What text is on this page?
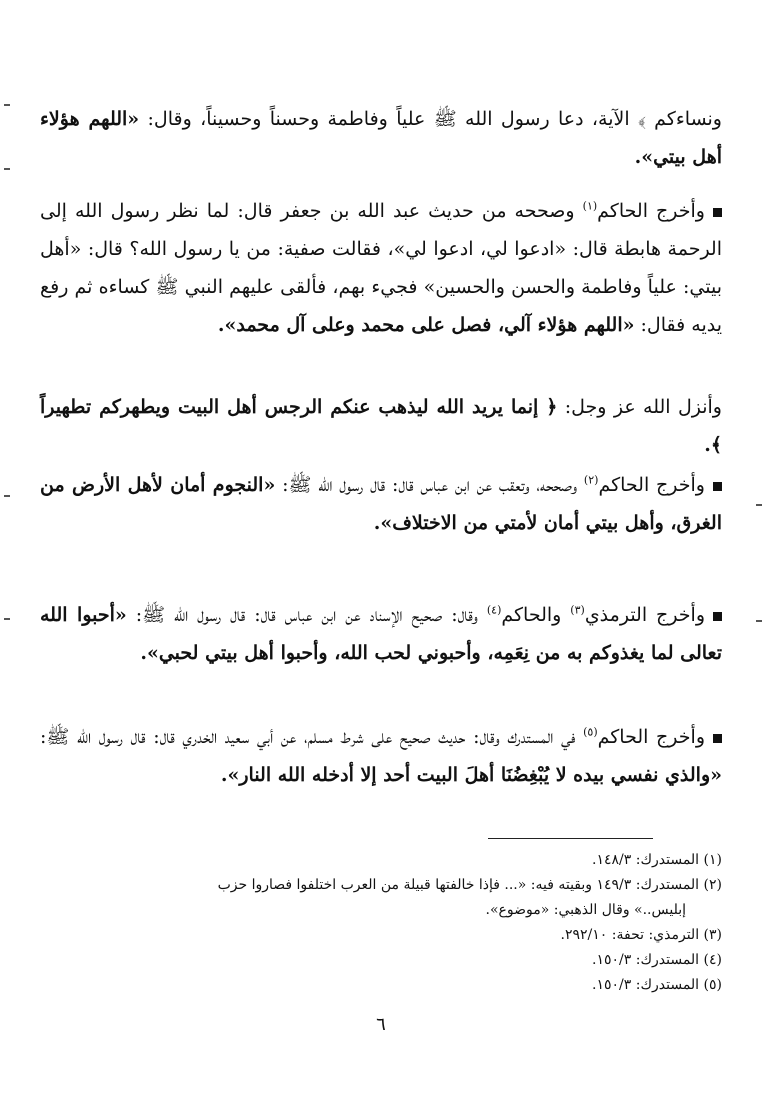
ونساءكم ﴾ الآية، دعا رسول الله ﷺ علياً وفاطمة وحسناً وحسيناً، وقال: «اللهم هؤلاء أهل بيتي».

وأخرج الحاكم$^{(١)}$ وصححه من حديث عبد الله بن جعفر قال: لما نظر رسول الله إلى الرحمة هابطة قال: «ادعوا لي، ادعوا لي»، فقالت صفية: من يا رسول الله؟ قال: «أهل بيتي: علياً وفاطمة والحسن والحسين» فجيء بهم، فألقى عليهم النبي ﷺ كساءه ثم رفع يديه فقال: «اللهم هؤلاء آلي، فصل على محمد وعلى آل محمد».

وأنزل الله عز وجل: ﴿ إنما يريد الله ليذهب عنكم الرجس أهل البيت ويطهركم تطهيراً ﴾.

وأخرج الحاكم$^{(٢)}$ وصححه، وتعقب عن ابن عباس قال: قال رسول الله ﷺ: «النجوم أمان لأهل الأرض من الغرق، وأهل بيتي أمان لأمتي من الاختلاف».

وأخرج الترمذي$^{(٣)}$ والحاكم$^{(٤)}$ وقال: صحيح الإسناد عن ابن عباس قال: قال رسول الله ﷺ: «أحبوا الله تعالى لما يغذوكم به من نِعَمِه، وأحبوني لحب الله، وأحبوا أهل بيتي لحبي».

وأخرج الحاكم$^{(٥)}$ في المستدرك وقال: حديث صحيح على شرط مسلم، عن أبي سعيد الخدري قال: قال رسول الله ﷺ: «والذي نفسي بيده لا يُبْغِضُنَا أهلَ البيت أحد إلا أدخله الله النار».

(١) المستدرك: ١٤٨/٣.

(٢) المستدرك: ١٤٩/٣ وبقيته فيه: «... فإذا خالفتها قبيلة من العرب اختلفوا فصاروا حزب

إبليس..» وقال الذهبي: «موضوع».

(٣) الترمذي: تحفة: ٢٩٢/١٠.

(٤) المستدرك: ١٥٠/٣.

(٥) المستدرك: ١٥٠/٣.

٦
